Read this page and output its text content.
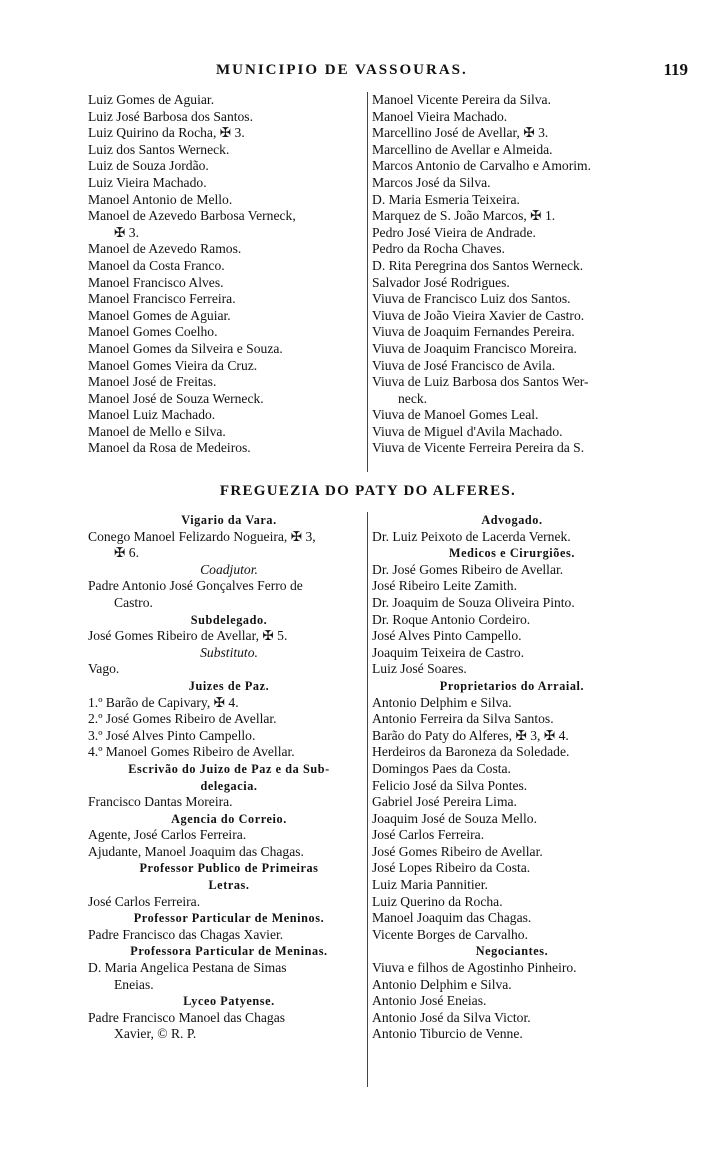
MUNICIPIO DE VASSOURAS.	119
Luiz Gomes de Aguiar.
Luiz José Barbosa dos Santos.
Luiz Quirino da Rocha, ✠ 3.
Luiz dos Santos Werneck.
Luiz de Souza Jordão.
Luiz Vieira Machado.
Manoel Antonio de Mello.
Manoel de Azevedo Barbosa Verneck,
✠ 3.
Manoel de Azevedo Ramos.
Manoel da Costa Franco.
Manoel Francisco Alves.
Manoel Francisco Ferreira.
Manoel Gomes de Aguiar.
Manoel Gomes Coelho.
Manoel Gomes da Silveira e Souza.
Manoel Gomes Vieira da Cruz.
Manoel José de Freitas.
Manoel José de Souza Werneck.
Manoel Luiz Machado.
Manoel de Mello e Silva.
Manoel da Rosa de Medeiros.
Manoel Vicente Pereira da Silva.
Manoel Vieira Machado.
Marcellino José de Avellar, ✠ 3.
Marcellino de Avellar e Almeida.
Marcos Antonio de Carvalho e Amorim.
Marcos José da Silva.
D. Maria Esmeria Teixeira.
Marquez de S. João Marcos, ✠ 1.
Pedro José Vieira de Andrade.
Pedro da Rocha Chaves.
D. Rita Peregrina dos Santos Werneck.
Salvador José Rodrigues.
Viuva de Francisco Luiz dos Santos.
Viuva de João Vieira Xavier de Castro.
Viuva de Joaquim Fernandes Pereira.
Viuva de Joaquim Francisco Moreira.
Viuva de José Francisco de Avila.
Viuva de Luiz Barbosa dos Santos Wer-
neck.
Viuva de Manoel Gomes Leal.
Viuva de Miguel d'Avila Machado.
Viuva de Vicente Ferreira Pereira da S.
FREGUEZIA DO PATY DO ALFERES.
Vigario da Vara.
Conego Manoel Felizardo Nogueira, ✠ 3,
✠ 6.
Coadjutor.
Padre Antonio José Gonçalves Ferro de
Castro.
Subdelegado.
José Gomes Ribeiro de Avellar, ✠ 5.
Substituto.
Vago.
Juizes de Paz.
1.º Barão de Capivary, ✠ 4.
2.º José Gomes Ribeiro de Avellar.
3.º José Alves Pinto Campello.
4.º Manoel Gomes Ribeiro de Avellar.
Escrivão do Juizo de Paz e da Sub-
delegacia.
Francisco Dantas Moreira.
Agencia do Correio.
Agente, José Carlos Ferreira.
Ajudante, Manoel Joaquim das Chagas.
Professor Publico de Primeiras
Letras.
José Carlos Ferreira.
Professor Particular de Meninos.
Padre Francisco das Chagas Xavier.
Professora Particular de Meninas.
D. Maria Angelica Pestana de Simas
Eneias.
Lyceo Patyense.
Padre Francisco Manoel das Chagas
Xavier, © R. P.
Advogado.
Dr. Luiz Peixoto de Lacerda Vernek.
Medicos e Cirurgiões.
Dr. José Gomes Ribeiro de Avellar.
José Ribeiro Leite Zamith.
Dr. Joaquim de Souza Oliveira Pinto.
Dr. Roque Antonio Cordeiro.
José Alves Pinto Campello.
Joaquim Teixeira de Castro.
Luiz José Soares.
Proprietarios do Arraial.
Antonio Delphim e Silva.
Antonio Ferreira da Silva Santos.
Barão do Paty do Alferes, ✠ 3, ✠ 4.
Herdeiros da Baroneza da Soledade.
Domingos Paes da Costa.
Felicio José da Silva Pontes.
Gabriel José Pereira Lima.
Joaquim José de Souza Mello.
José Carlos Ferreira.
José Gomes Ribeiro de Avellar.
José Lopes Ribeiro da Costa.
Luiz Maria Pannitier.
Luiz Querino da Rocha.
Manoel Joaquim das Chagas.
Vicente Borges de Carvalho.
Negociantes.
Viuva e filhos de Agostinho Pinheiro.
Antonio Delphim e Silva.
Antonio José Eneias.
Antonio José da Silva Victor.
Antonio Tiburcio de Venne.
